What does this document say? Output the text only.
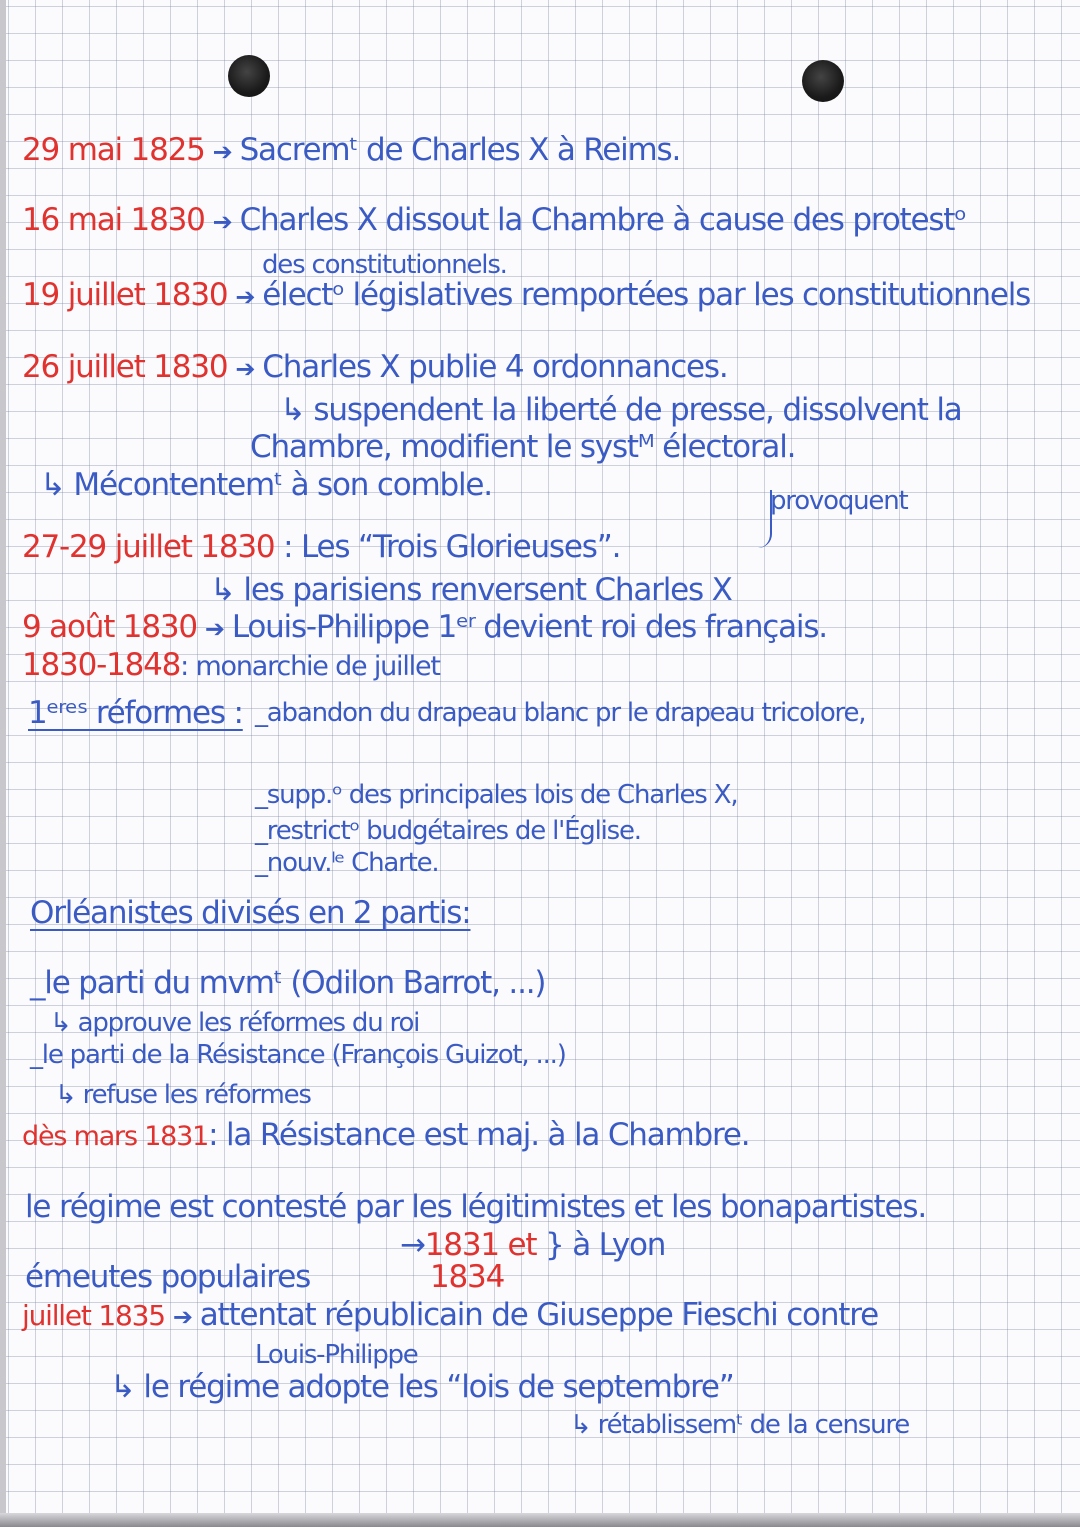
29 mai 1825 ➔ Sacremᵗ de Charles X à Reims.
16 mai 1830 ➔ Charles X dissout la Chambre à cause des protestᵒ
des constitutionnels.
19 juillet 1830 ➔ électᵒ législatives remportées par les constitutionnels
26 juillet 1830 ➔ Charles X publie 4 ordonnances.
↳ suspendent la liberté de presse, dissolvent la
Chambre, modifient le systᴹ électoral.
↳ Mécontentemᵗ à son comble.	provoquent
27-29 juillet 1830 : Les “Trois Glorieuses”.
↳ les parisiens renversent Charles X
9 août 1830 ➔ Louis-Philippe 1ᵉʳ devient roi des français.
1830-1848: monarchie de juillet
1ᵉʳᵉˢ réformes : _abandon du drapeau blanc pr le drapeau tricolore,
_supp.ᵒ des principales lois de Charles X,
_restrictᵒ budgétaires de l'Église.
_nouv.ˡᵉ Charte.
Orléanistes divisés en 2 partis:
_le parti du mvmᵗ (Odilon Barrot, ...)
↳ approuve les réformes du roi
_le parti de la Résistance (François Guizot, ...)
↳ refuse les réformes
dès mars 1831: la Résistance est maj. à la Chambre.
le régime est contesté par les légitimistes et les bonapartistes.
→1831 et } à Lyon
émeutes populaires	1834
juillet 1835 ➔ attentat républicain de Giuseppe Fieschi contre
Louis-Philippe
↳ le régime adopte les “lois de septembre”
↳ rétablissemᵗ de la censure
